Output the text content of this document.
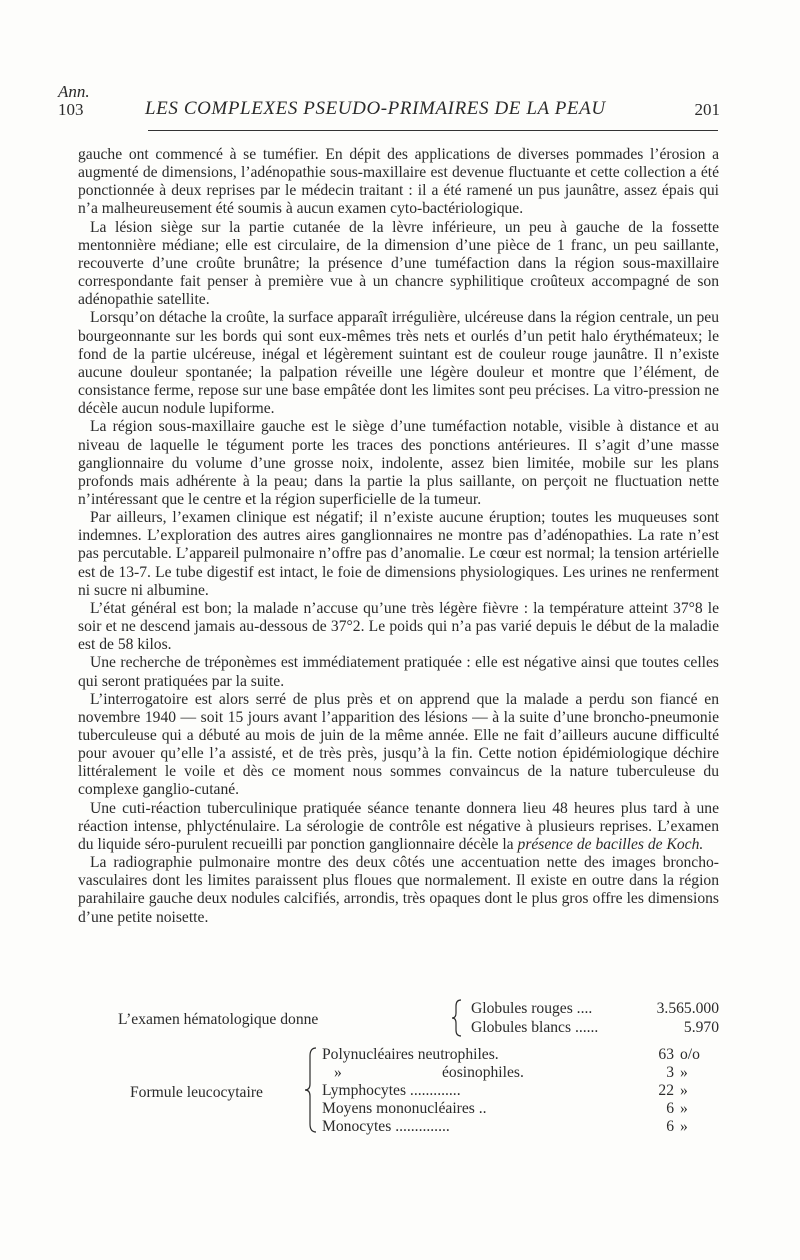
Ann.
103	LES COMPLEXES PSEUDO-PRIMAIRES DE LA PEAU	201

gauche ont commencé à se tuméfier. En dépit des applications de diverses pommades l’érosion a augmenté de dimensions, l’adénopathie sous-maxillaire est devenue fluctuante et cette collection a été ponctionnée à deux reprises par le médecin traitant : il a été ramené un pus jaunâtre, assez épais qui n’a malheureusement été soumis à aucun examen cyto-bactériologique.

La lésion siège sur la partie cutanée de la lèvre inférieure, un peu à gauche de la fossette mentonnière médiane; elle est circulaire, de la dimension d’une pièce de 1 franc, un peu saillante, recouverte d’une croûte brunâtre; la présence d’une tuméfaction dans la région sous-maxillaire correspondante fait penser à première vue à un chancre syphilitique croûteux accompagné de son adénopathie satellite.

Lorsqu’on détache la croûte, la surface apparaît irrégulière, ulcéreuse dans la région centrale, un peu bourgeonnante sur les bords qui sont eux-mêmes très nets et ourlés d’un petit halo érythémateux; le fond de la partie ulcéreuse, inégal et légèrement suintant est de couleur rouge jaunâtre. Il n’existe aucune douleur spontanée; la palpation réveille une légère douleur et montre que l’élément, de consistance ferme, repose sur une base empâtée dont les limites sont peu précises. La vitro-pression ne décèle aucun nodule lupiforme.

La région sous-maxillaire gauche est le siège d’une tuméfaction notable, visible à distance et au niveau de laquelle le tégument porte les traces des ponctions antérieures. Il s’agit d’une masse ganglionnaire du volume d’une grosse noix, indolente, assez bien limitée, mobile sur les plans profonds mais adhérente à la peau; dans la partie la plus saillante, on perçoit ne fluctuation nette n’intéressant que le centre et la région superficielle de la tumeur.

Par ailleurs, l’examen clinique est négatif; il n’existe aucune éruption; toutes les muqueuses sont indemnes. L’exploration des autres aires ganglionnaires ne montre pas d’adénopathies. La rate n’est pas percutable. L’appareil pulmonaire n’offre pas d’anomalie. Le cœur est normal; la tension artérielle est de 13-7. Le tube digestif est intact, le foie de dimensions physiologiques. Les urines ne renferment ni sucre ni albumine.

L’état général est bon; la malade n’accuse qu’une très légère fièvre : la température atteint 37°8 le soir et ne descend jamais au-dessous de 37°2. Le poids qui n’a pas varié depuis le début de la maladie est de 58 kilos.

Une recherche de tréponèmes est immédiatement pratiquée : elle est négative ainsi que toutes celles qui seront pratiquées par la suite.

L’interrogatoire est alors serré de plus près et on apprend que la malade a perdu son fiancé en novembre 1940 — soit 15 jours avant l’apparition des lésions — à la suite d’une broncho-pneumonie tuberculeuse qui a débuté au mois de juin de la même année. Elle ne fait d’ailleurs aucune difficulté pour avouer qu’elle l’a assisté, et de très près, jusqu’à la fin. Cette notion épidémiologique déchire littéralement le voile et dès ce moment nous sommes convaincus de la nature tuberculeuse du complexe ganglio-cutané.

Une cuti-réaction tuberculinique pratiquée séance tenante donnera lieu 48 heures plus tard à une réaction intense, phlycténulaire. La sérologie de contrôle est négative à plusieurs reprises. L’examen du liquide séro-purulent recueilli par ponction ganglionnaire décèle la présence de bacilles de Koch.

La radiographie pulmonaire montre des deux côtés une accentuation nette des images broncho-vasculaires dont les limites paraissent plus floues que normalement. Il existe en outre dans la région parahilaire gauche deux nodules calcifiés, arrondis, très opaques dont le plus gros offre les dimensions d’une petite noisette.

L’examen hématologique donne
Globules rouges ....	3.565.000
Globules blancs ......	5.970
Formule leucocytaire
Polynucléaires neutrophiles.	63 o/o
»	éosinophiles.	3 »
Lymphocytes .............	22 »
Moyens mononucléaires ..	6 »
Monocytes ..............	6 »
